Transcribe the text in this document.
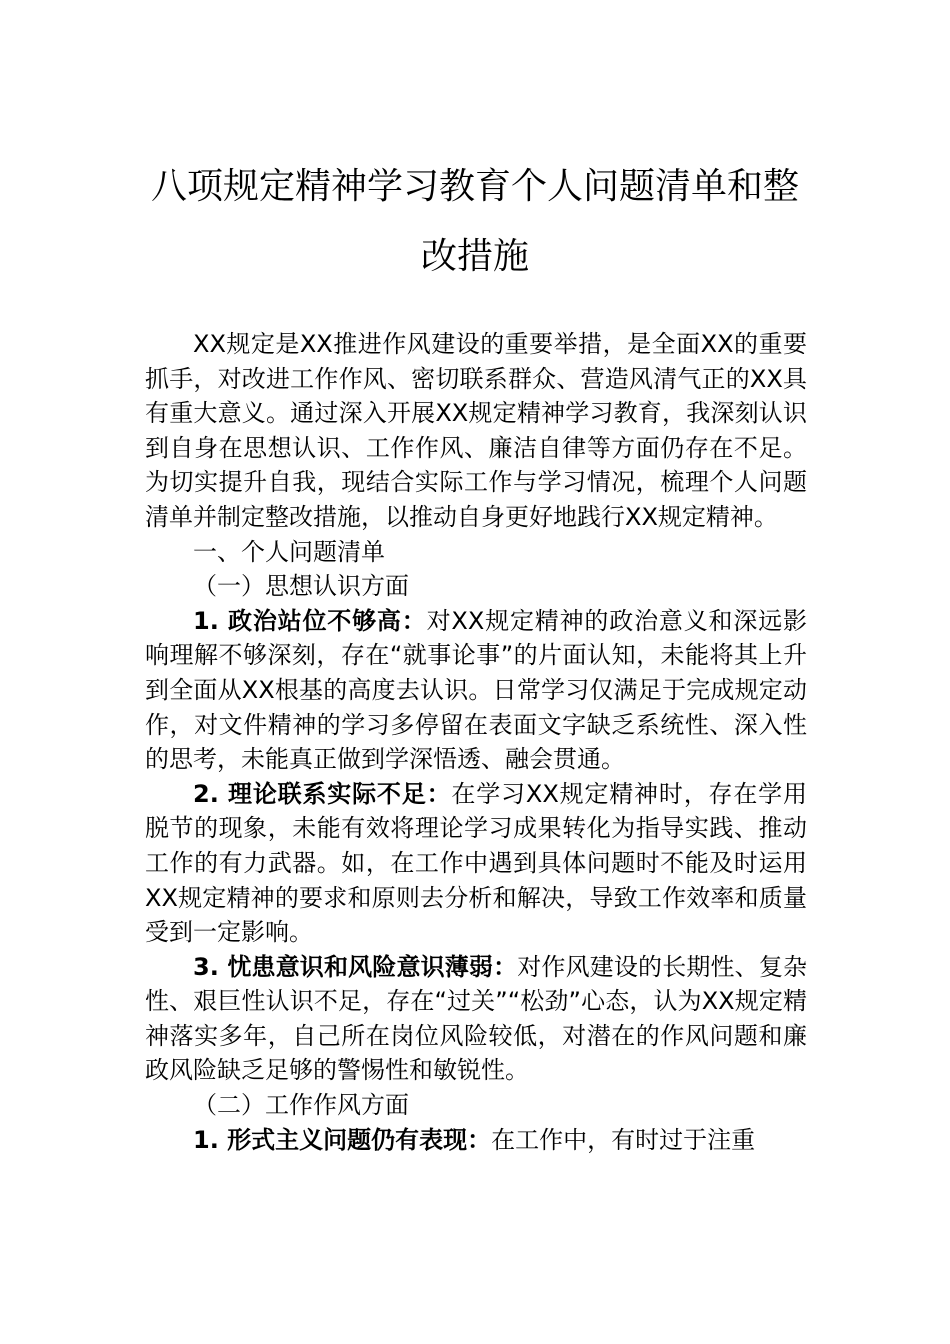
八项规定精神学习教育个人问题清单和整
改措施

XX规定是XX推进作风建设的重要举措，是全面XX的重要抓手，对改进工作作风、密切联系群众、营造风清气正的XX具有重大意义。通过深入开展XX规定精神学习教育，我深刻认识到自身在思想认识、工作作风、廉洁自律等方面仍存在不足。为切实提升自我，现结合实际工作与学习情况，梳理个人问题清单并制定整改措施，以推动自身更好地践行XX规定精神。

一、个人问题清单

（一）思想认识方面

1. 政治站位不够高：对XX规定精神的政治意义和深远影响理解不够深刻，存在“就事论事”的片面认知，未能将其上升到全面从XX根基的高度去认识。日常学习仅满足于完成规定动作，对文件精神的学习多停留在表面文字缺乏系统性、深入性的思考，未能真正做到学深悟透、融会贯通。

2. 理论联系实际不足：在学习XX规定精神时，存在学用脱节的现象，未能有效将理论学习成果转化为指导实践、推动工作的有力武器。如，在工作中遇到具体问题时不能及时运用XX规定精神的要求和原则去分析和解决，导致工作效率和质量受到一定影响。

3. 忧患意识和风险意识薄弱：对作风建设的长期性、复杂性、艰巨性认识不足，存在“过关”“松劲”心态，认为XX规定精神落实多年，自己所在岗位风险较低，对潜在的作风问题和廉政风险缺乏足够的警惕性和敏锐性。

（二）工作作风方面

1. 形式主义问题仍有表现：在工作中，有时过于注重
